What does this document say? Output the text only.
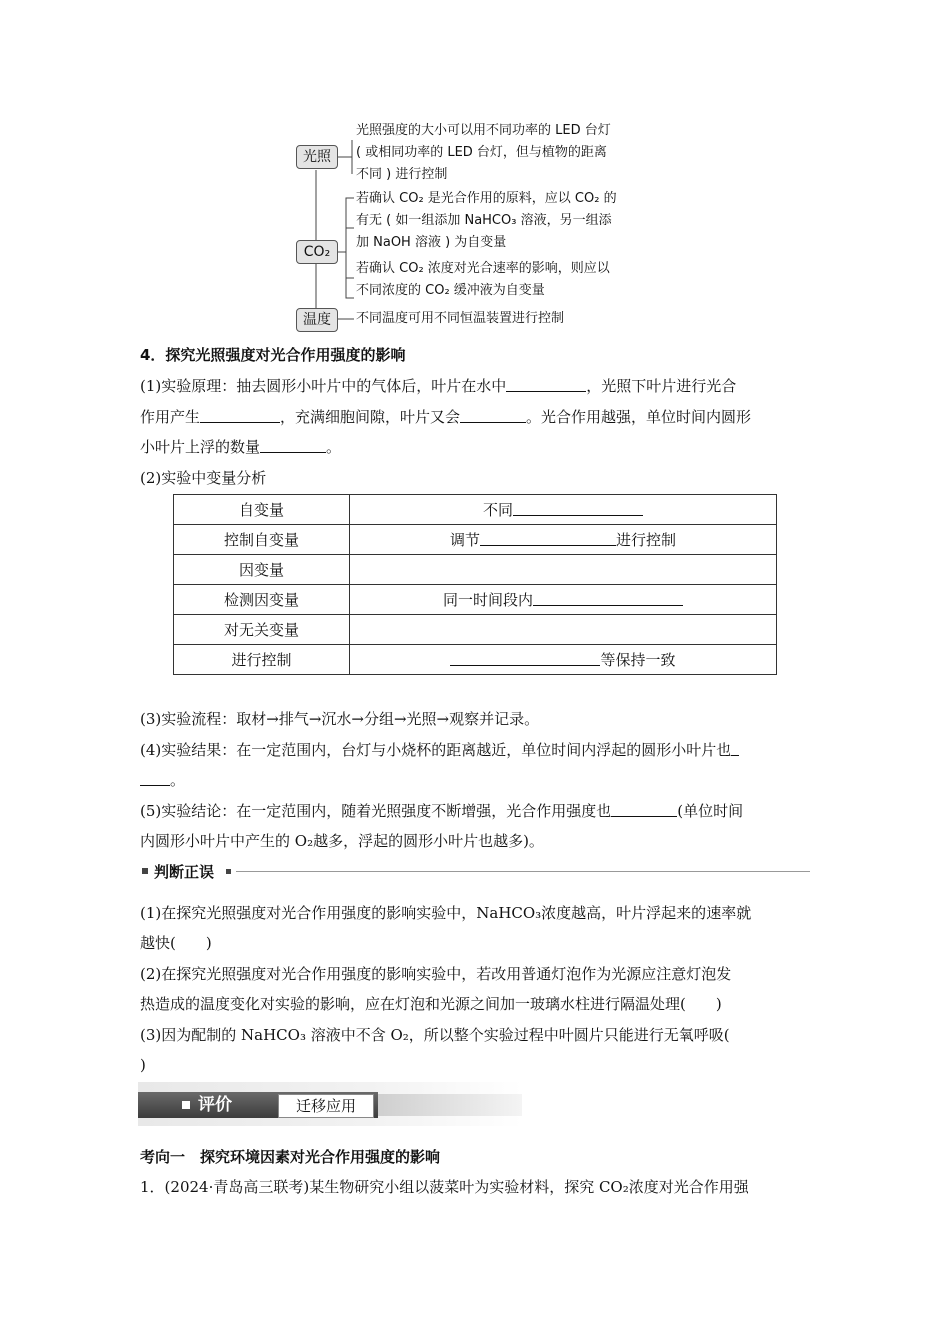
光照
CO₂
温度
光照强度的大小可以用不同功率的 LED 台灯
( 或相同功率的 LED 台灯，但与植物的距离
不同 ) 进行控制
若确认 CO₂ 是光合作用的原料，应以 CO₂ 的
有无 ( 如一组添加 NaHCO₃ 溶液，另一组添
加 NaOH 溶液 ) 为自变量
若确认 CO₂ 浓度对光合速率的影响，则应以
不同浓度的 CO₂ 缓冲液为自变量
不同温度可用不同恒温装置进行控制
4．探究光照强度对光合作用强度的影响
(1)实验原理：抽去圆形小叶片中的气体后，叶片在水中	，光照下叶片进行光合
作用产生	，充满细胞间隙，叶片又会	。光合作用越强，单位时间内圆形
小叶片上浮的数量	。
(2)实验中变量分析
自变量	不同
控制自变量	调节 进行控制
因变量	
检测因变量	同一时间段内
对无关变量	
进行控制	等保持一致
(3)实验流程：取材→排气→沉水→分组→光照→观察并记录。
(4)实验结果：在一定范围内，台灯与小烧杯的距离越近，单位时间内浮起的圆形小叶片也
。
(5)实验结论：在一定范围内，随着光照强度不断增强，光合作用强度也	(单位时间
内圆形小叶片中产生的 O₂越多，浮起的圆形小叶片也越多)。
判断正误
(1)在探究光照强度对光合作用强度的影响实验中，NaHCO₃浓度越高，叶片浮起来的速率就
越快(　　)
(2)在探究光照强度对光合作用强度的影响实验中，若改用普通灯泡作为光源应注意灯泡发
热造成的温度变化对实验的影响，应在灯泡和光源之间加一玻璃水柱进行隔温处理(　　)
(3)因为配制的 NaHCO₃ 溶液中不含 O₂，所以整个实验过程中叶圆片只能进行无氧呼吸(
)
评价	迁移应用
考向一　探究环境因素对光合作用强度的影响
1．(2024·青岛高三联考)某生物研究小组以菠菜叶为实验材料，探究 CO₂浓度对光合作用强
